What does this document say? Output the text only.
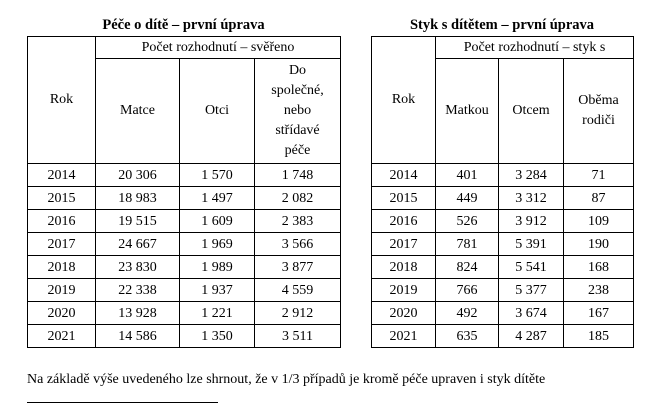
Péče o dítě – první úprava
Rok	Počet rozhodnutí – svěřeno		
	Matce	Otci	Do společné, nebo střídavé péče
2014	20 306	1 570	1 748
2015	18 983	1 497	2 082
2016	19 515	1 609	2 383
2017	24 667	1 969	3 566
2018	23 830	1 989	3 877
2019	22 338	1 937	4 559
2020	13 928	1 221	2 912
2021	14 586	1 350	3 511
Styk s dítětem – první úprava
Rok	Počet rozhodnutí – styk s		
	Matkou	Otcem	Oběma rodiči
2014	401	3 284	71
2015	449	3 312	87
2016	526	3 912	109
2017	781	5 391	190
2018	824	5 541	168
2019	766	5 377	238
2020	492	3 674	167
2021	635	4 287	185
Na základě výše uvedeného lze shrnout, že v 1/3 případů je kromě péče upraven i styk dítěte
